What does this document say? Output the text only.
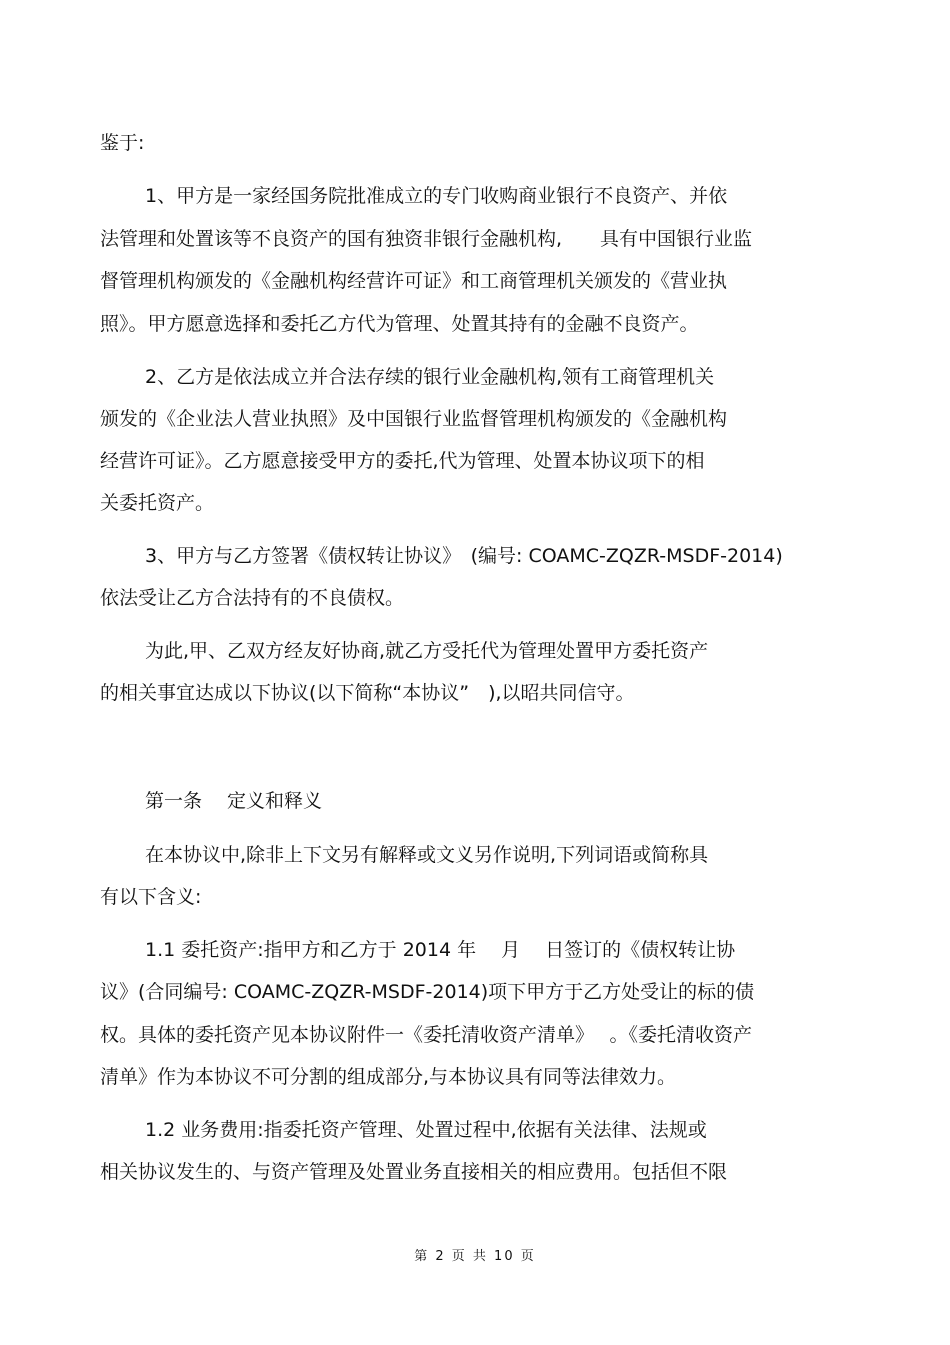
鉴于:
1、甲方是一家经国务院批准成立的专门收购商业银行不良资产、并依
法管理和处置该等不良资产的国有独资非银行金融机构,　　具有中国银行业监
督管理机构颁发的《金融机构经营许可证》和工商管理机关颁发的《营业执
照》。甲方愿意选择和委托乙方代为管理、处置其持有的金融不良资产。
2、乙方是依法成立并合法存续的银行业金融机构,领有工商管理机关
颁发的《企业法人营业执照》及中国银行业监督管理机构颁发的《金融机构
经营许可证》。乙方愿意接受甲方的委托,代为管理、处置本协议项下的相
关委托资产。
3、甲方与乙方签署《债权转让协议》　(编号: COAMC-ZQZR-MSDF-2014)
依法受让乙方合法持有的不良债权。
为此,甲、乙双方经友好协商,就乙方受托代为管理处置甲方委托资产
的相关事宜达成以下协议(以下简称“本协议”　),以昭共同信守。
第一条　 定义和释义
在本协议中,除非上下文另有解释或文义另作说明,下列词语或简称具
有以下含义:
1.1 委托资产:指甲方和乙方于 2014 年　 月　 日签订的《债权转让协
议》(合同编号: COAMC-ZQZR-MSDF-2014)项下甲方于乙方处受让的标的债
权。具体的委托资产见本协议附件一《委托清收资产清单》　 。《委托清收资产
清单》作为本协议不可分割的组成部分,与本协议具有同等法律效力。
1.2 业务费用:指委托资产管理、处置过程中,依据有关法律、法规或
相关协议发生的、与资产管理及处置业务直接相关的相应费用。包括但不限
第 2 页 共 10 页
